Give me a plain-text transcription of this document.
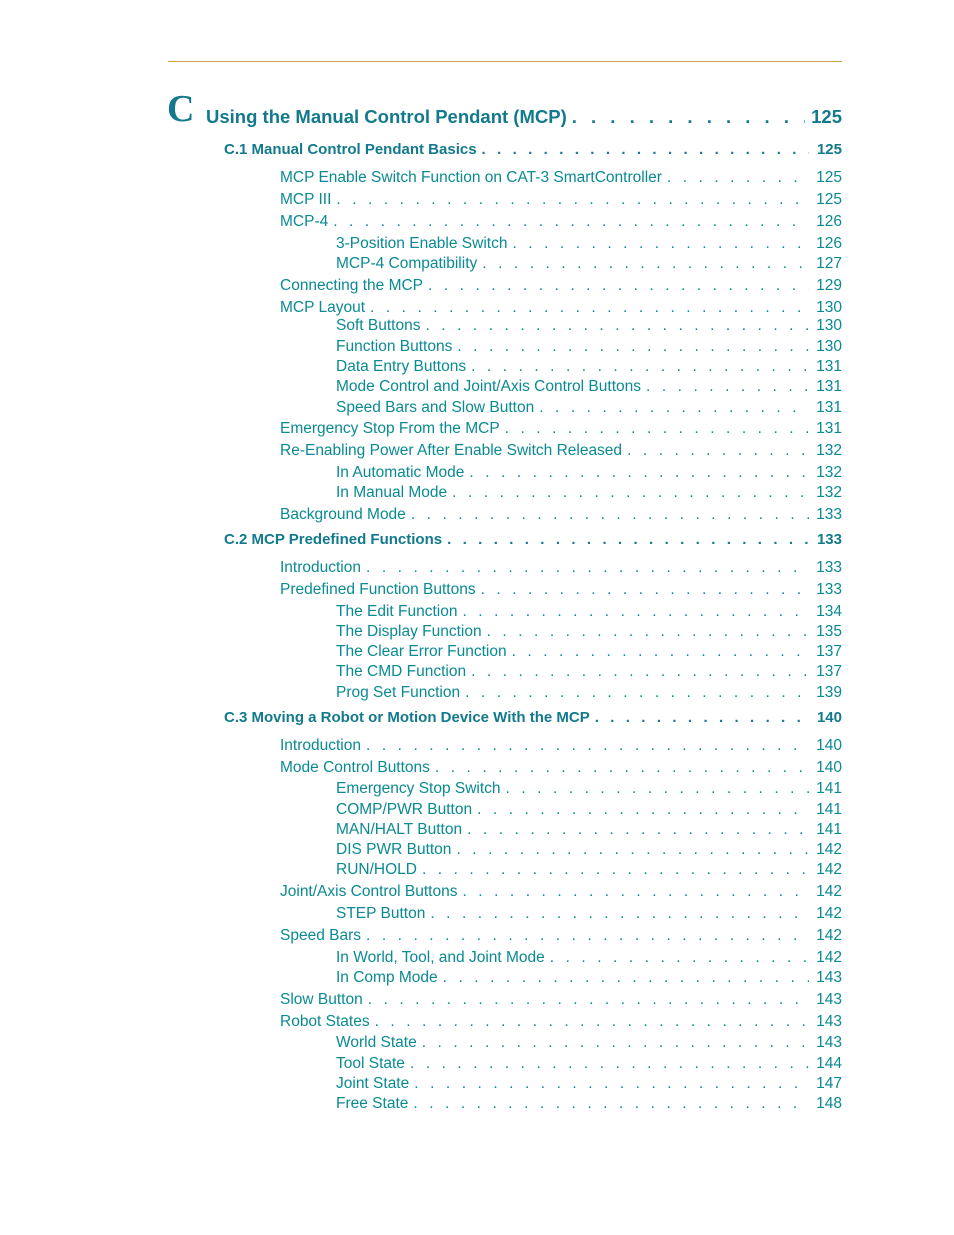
C Using the Manual Control Pendant (MCP) . . .	125
C.1 Manual Control Pendant Basics . . .	125
MCP Enable Switch Function on CAT-3 SmartController . . .	125
MCP III . . .	125
MCP-4 . . .	126
3-Position Enable Switch . . .	126
MCP-4 Compatibility . . .	127
Connecting the MCP . . .	129
MCP Layout . . .	130
Soft Buttons . . .	130
Function Buttons . . .	130
Data Entry Buttons . . .	131
Mode Control and Joint/Axis Control Buttons . . .	131
Speed Bars and Slow Button . . .	131
Emergency Stop From the MCP . . .	131
Re-Enabling Power After Enable Switch Released . . .	132
In Automatic Mode . . .	132
In Manual Mode . . .	132
Background Mode . . .	133
C.2 MCP Predefined Functions . . .	133
Introduction . . .	133
Predefined Function Buttons . . .	133
The Edit Function . . .	134
The Display Function . . .	135
The Clear Error Function . . .	137
The CMD Function . . .	137
Prog Set Function . . .	139
C.3 Moving a Robot or Motion Device With the MCP . . .	140
Introduction . . .	140
Mode Control Buttons . . .	140
Emergency Stop Switch . . .	141
COMP/PWR Button . . .	141
MAN/HALT Button . . .	141
DIS PWR Button . . .	142
RUN/HOLD . . .	142
Joint/Axis Control Buttons . . .	142
STEP Button . . .	142
Speed Bars . . .	142
In World, Tool, and Joint Mode . . .	142
In Comp Mode . . .	143
Slow Button . . .	143
Robot States . . .	143
World State . . .	143
Tool State . . .	144
Joint State . . .	147
Free State . . .	148
